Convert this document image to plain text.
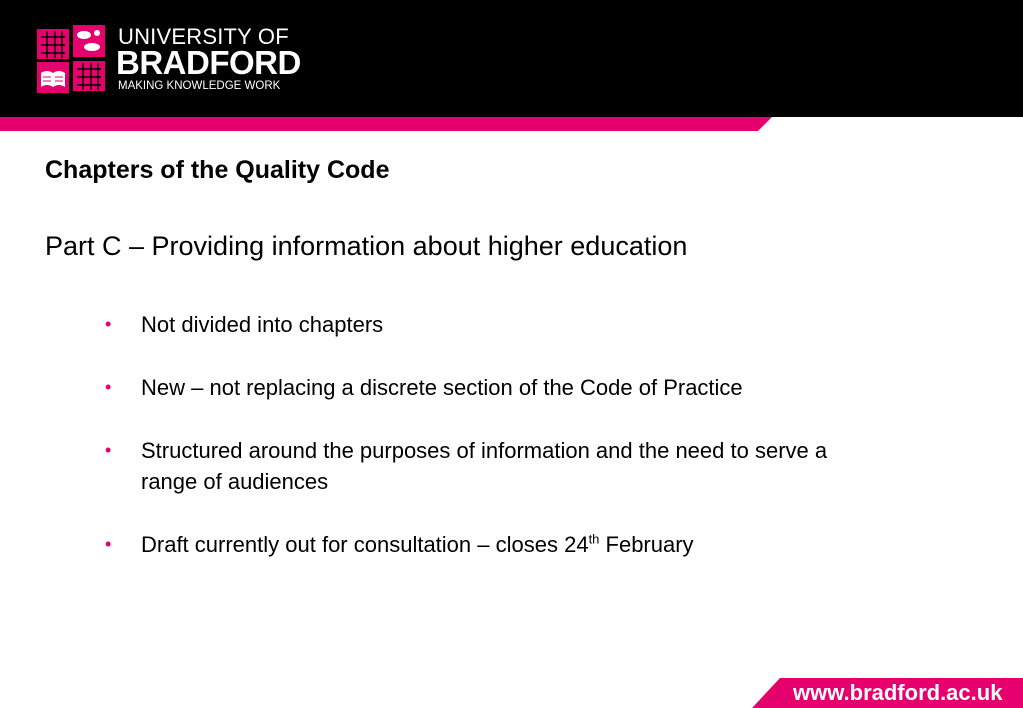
UNIVERSITY OF
BRADFORD
MAKING KNOWLEDGE WORK
Chapters of the Quality Code
Part C – Providing information about higher education
• Not divided into chapters
• New – not replacing a discrete section of the Code of Practice
• Structured around the purposes of information and the need to serve a range of audiences
• Draft currently out for consultation – closes 24th February
www.bradford.ac.uk
